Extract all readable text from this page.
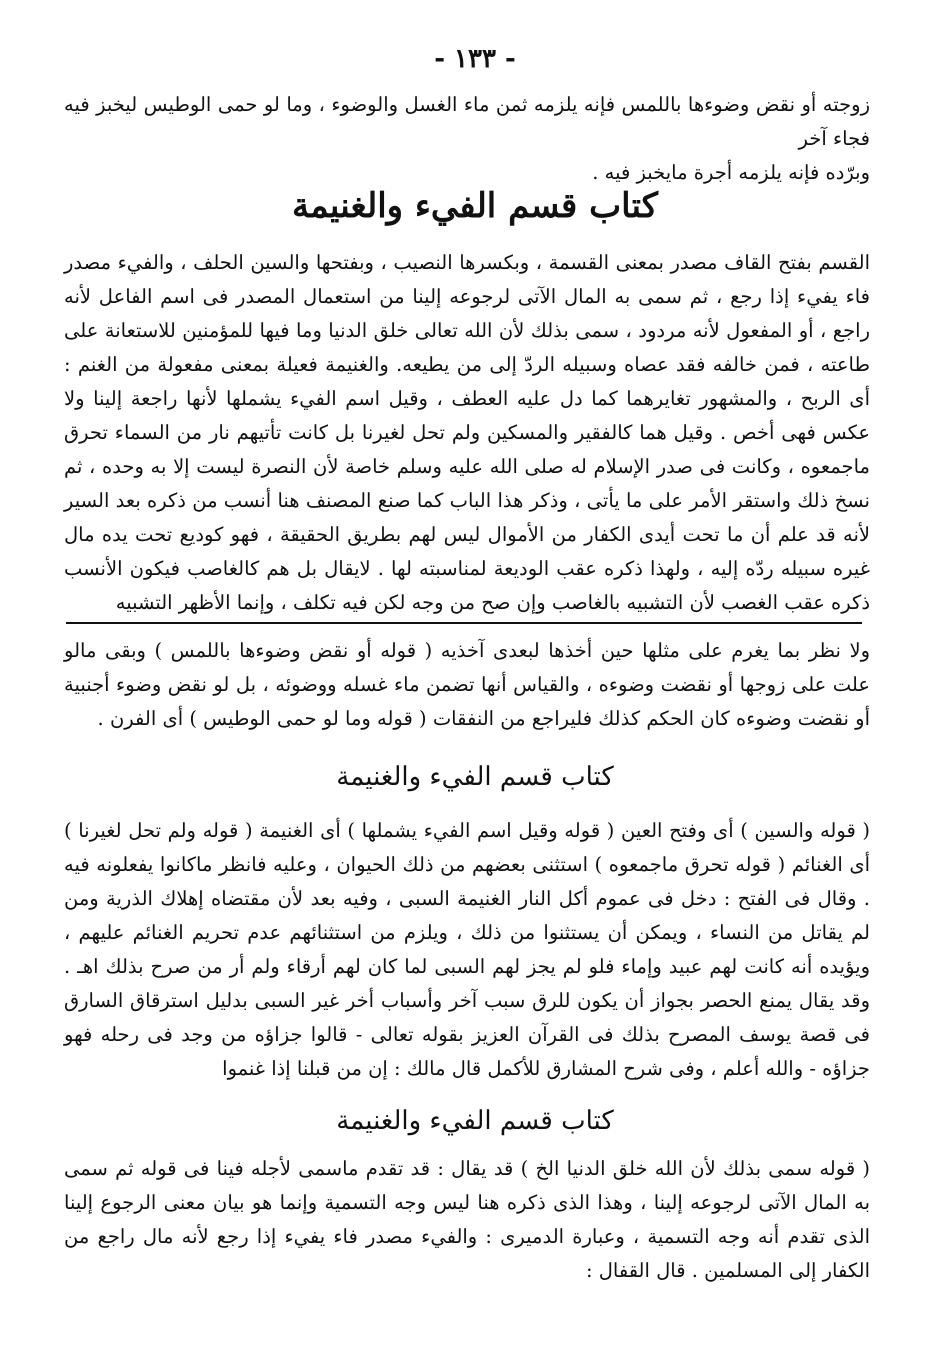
- ١٣٣ -

زوجته أو نقض وضوءها باللمس فإنه يلزمه ثمن ماء الغسل والوضوء ، وما لو حمى الوطيس ليخبز فيه فجاء آخر

وبرّده فإنه يلزمه أجرة مايخبز فيه .

كتاب قسم الفيء والغنيمة

القسم بفتح القاف مصدر بمعنى القسمة ، وبكسرها النصيب ، وبفتحها والسين الحلف ، والفيء مصدر فاء يفيء إذا رجع ، ثم سمى به المال الآتى لرجوعه إلينا من استعمال المصدر فى اسم الفاعل لأنه راجع ، أو المفعول لأنه مردود ، سمى بذلك لأن الله تعالى خلق الدنيا وما فيها للمؤمنين للاستعانة على طاعته ، فمن خالفه فقد عصاه وسبيله الردّ إلى من يطيعه. والغنيمة فعيلة بمعنى مفعولة من الغنم : أى الربح ، والمشهور تغايرهما كما دل عليه العطف ، وقيل اسم الفيء يشملها لأنها راجعة إلينا ولا عكس فهى أخص . وقيل هما كالفقير والمسكين ولم تحل لغيرنا بل كانت تأتيهم نار من السماء تحرق ماجمعوه ، وكانت فى صدر الإسلام له صلى الله عليه وسلم خاصة لأن النصرة ليست إلا به وحده ، ثم نسخ ذلك واستقر الأمر على ما يأتى ، وذكر هذا الباب كما صنع المصنف هنا أنسب من ذكره بعد السير لأنه قد علم أن ما تحت أيدى الكفار من الأموال ليس لهم بطريق الحقيقة ، فهو كوديع تحت يده مال غيره سبيله ردّه إليه ، ولهذا ذكره عقب الوديعة لمناسبته لها . لايقال بل هم كالغاصب فيكون الأنسب ذكره عقب الغصب لأن التشبيه بالغاصب وإن صح من وجه لكن فيه تكلف ، وإنما الأظهر التشبيه

ولا نظر بما يغرم على مثلها حين أخذها لبعدى آخذيه ( قوله أو نقض وضوءها باللمس ) وبقى مالو علت على زوجها أو نقضت وضوءه ، والقياس أنها تضمن ماء غسله ووضوئه ، بل لو نقض وضوء أجنبية أو نقضت وضوءه كان الحكم كذلك فليراجع من النفقات ( قوله وما لو حمى الوطيس ) أى الفرن .

كتاب قسم الفيء والغنيمة

( قوله والسين ) أى وفتح العين ( قوله وقيل اسم الفيء يشملها ) أى الغنيمة ( قوله ولم تحل لغيرنا ) أى الغنائم ( قوله تحرق ماجمعوه ) استثنى بعضهم من ذلك الحيوان ، وعليه فانظر ماكانوا يفعلونه فيه . وقال فى الفتح : دخل فى عموم أكل النار الغنيمة السبى ، وفيه بعد لأن مقتضاه إهلاك الذرية ومن لم يقاتل من النساء ، ويمكن أن يستثنوا من ذلك ، ويلزم من استثنائهم عدم تحريم الغنائم عليهم ، ويؤيده أنه كانت لهم عبيد وإماء فلو لم يجز لهم السبى لما كان لهم أرقاء ولم أر من صرح بذلك اهـ . وقد يقال يمنع الحصر بجواز أن يكون للرق سبب آخر وأسباب أخر غير السبى بدليل استرقاق السارق فى قصة يوسف المصرح بذلك فى القرآن العزيز بقوله تعالى - قالوا جزاؤه من وجد فى رحله فهو جزاؤه - والله أعلم ، وفى شرح المشارق للأكمل قال مالك : إن من قبلنا إذا غنموا

كتاب قسم الفيء والغنيمة

( قوله سمى بذلك لأن الله خلق الدنيا الخ ) قد يقال : قد تقدم ماسمى لأجله فينا فى قوله ثم سمى به المال الآتى لرجوعه إلينا ، وهذا الذى ذكره هنا ليس وجه التسمية وإنما هو بيان معنى الرجوع إلينا الذى تقدم أنه وجه التسمية ، وعبارة الدميرى : والفيء مصدر فاء يفيء إذا رجع لأنه مال راجع من الكفار إلى المسلمين . قال القفال :
